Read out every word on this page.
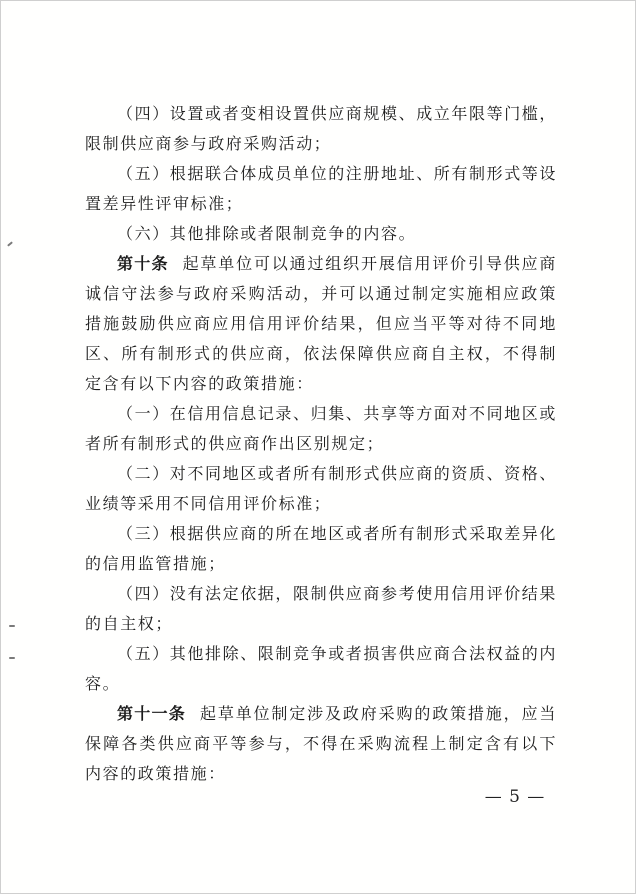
（四）设置或者变相设置供应商规模、成立年限等门槛，限制供应商参与政府采购活动；

（五）根据联合体成员单位的注册地址、所有制形式等设置差异性评审标准；

（六）其他排除或者限制竞争的内容。

第十条  起草单位可以通过组织开展信用评价引导供应商诚信守法参与政府采购活动，并可以通过制定实施相应政策措施鼓励供应商应用信用评价结果，但应当平等对待不同地区、所有制形式的供应商，依法保障供应商自主权，不得制定含有以下内容的政策措施：

（一）在信用信息记录、归集、共享等方面对不同地区或者所有制形式的供应商作出区别规定；

（二）对不同地区或者所有制形式供应商的资质、资格、业绩等采用不同信用评价标准；

（三）根据供应商的所在地区或者所有制形式采取差异化的信用监管措施；

（四）没有法定依据，限制供应商参考使用信用评价结果的自主权；

（五）其他排除、限制竞争或者损害供应商合法权益的内容。

第十一条  起草单位制定涉及政府采购的政策措施，应当保障各类供应商平等参与，不得在采购流程上制定含有以下内容的政策措施：

— 5 —
